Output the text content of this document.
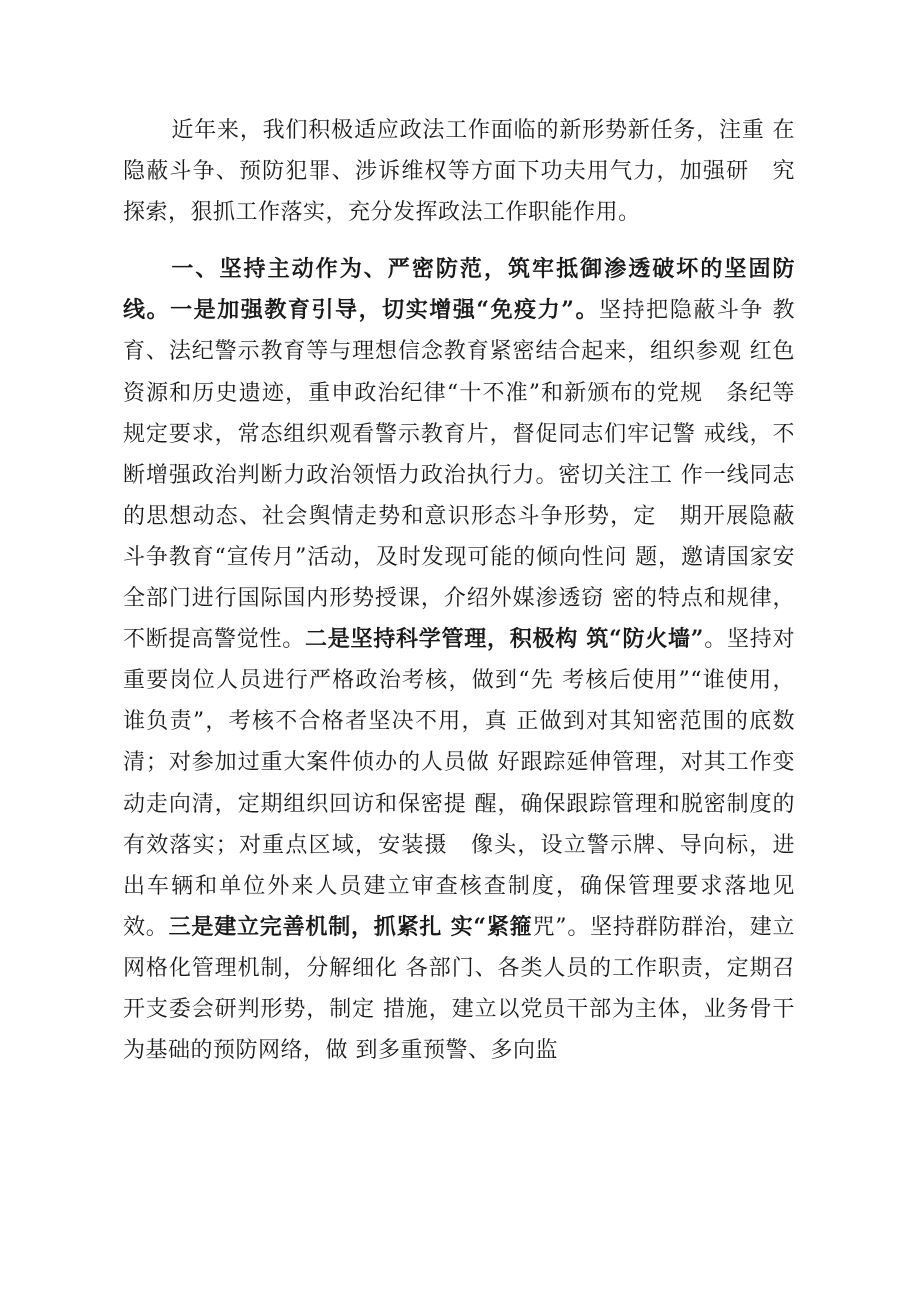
近年来，我们积极适应政法工作面临的新形势新任务，注重 在隐蔽斗争、预防犯罪、涉诉维权等方面下功夫用气力，加强研　究探索，狠抓工作落实，充分发挥政法工作职能作用。

一、坚持主动作为、严密防范，筑牢抵御渗透破坏的坚固防　线。一是加强教育引导，切实增强“免疫力”。坚持把隐蔽斗争 教育、法纪警示教育等与理想信念教育紧密结合起来，组织参观 红色资源和历史遗迹，重申政治纪律“十不准”和新颁布的党规　条纪等规定要求，常态组织观看警示教育片，督促同志们牢记警 戒线，不断增强政治判断力政治领悟力政治执行力。密切关注工 作一线同志的思想动态、社会舆情走势和意识形态斗争形势，定　期开展隐蔽斗争教育“宣传月”活动，及时发现可能的倾向性问 题，邀请国家安全部门进行国际国内形势授课，介绍外媒渗透窃 密的特点和规律，不断提高警觉性。二是坚持科学管理，积极构 筑“防火墙”。坚持对重要岗位人员进行严格政治考核，做到“先 考核后使用”“谁使用，谁负责”，考核不合格者坚决不用，真 正做到对其知密范围的底数清；对参加过重大案件侦办的人员做 好跟踪延伸管理，对其工作变动走向清，定期组织回访和保密提 醒，确保跟踪管理和脱密制度的有效落实；对重点区域，安装摄　像头，设立警示牌、导向标，进出车辆和单位外来人员建立审查核查制度，确保管理要求落地见效。三是建立完善机制，抓紧扎 实“紧箍咒”。坚持群防群治，建立网格化管理机制，分解细化 各部门、各类人员的工作职责，定期召开支委会研判形势，制定 措施，建立以党员干部为主体，业务骨干为基础的预防网络，做 到多重预警、多向监
